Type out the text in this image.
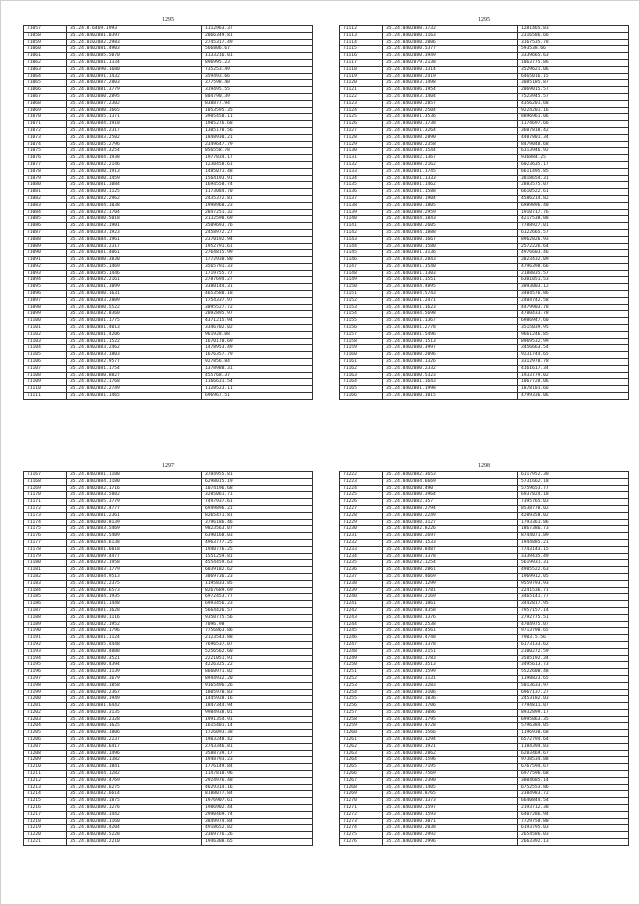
1295
71057	35.24.8.6469.1993	1112963.37
71058	35.24.0402081.0397	2066349.81
71059	35.24.0102082.2983	2745317.49
71060	35.24.0402081.4903	566806.67
71061	35.24.0402085.5070	1133216.01
71062	35.24.0402081.1334	896995.23
71063	35.24.0402090.1680	735253.49
71064	35.24.0402091.1432	359493.66
71065	35.24.0402087.2803	377598.48
71066	35.24.0402081.3779	319495.55
71067	35.24.0402080.2895	804790.39
71068	35.24.0402087.2302	838877.94
71069	35.24.0402080.1665	1053595.35
71070	35.24.0402085.1371	3905450.11
71071	35.24.0402084.1918	1905276.68
71072	35.24.0402084.2317	1305170.56
71073	35.24.0402083.2502	1848930.21
71074	35.24.0402085.2796	2349647.79
71075	35.24.0402084.3254	856558.78
71076	35.24.0402084.1938	1977834.17
71077	35.24.0402082.2146	1230458.61
71078	35.24.0402080.1913	1485071.48
71079	35.24.0402080.1459	1564193.91
71080	35.24.0402081.1084	1694558.74
71081	35.24.0402080.1125	1173084.70
71082	35.24.0402082.2962	2435372.81
71083	35.24.0402084.1038	1998968.23
71084	35.24.0402082.1704	2847251.32
71085	35.24.0402080.5018	2132590.69
71086	35.24.0402082.1901	3509693.76
71087	35.24.0402083.1923	2458972.27
71088	35.24.0402084.1961	2370192.94
71089	35.24.0402083.2317	1952791.61
71090	35.24.0402081.4061	2764815.99
71091	35.24.0402080.3830	1772930.80
71092	35.24.0402085.1469	3565791.33
71093	35.24.0402085.1446	1719755.77
71094	35.24.0402082.2161	2787694.27
71095	35.24.0402081.1099	3380144.31
71096	35.24.0402080.1631	4653580.18
71097	35.24.0402083.2809	1754337.97
71098	35.24.0402080.5522	3095527.72
71099	35.24.0402082.8360	2892895.97
71100	35.24.0402081.1775	4371215.94
71101	35.24.0402081.4013	3346702.02
71102	35.24.0402081.4206	961928.08
71103	35.24.0402081.1522	1670170.69
71104	35.24.0402083.2462	1478953.49
71105	35.24.0402083.1803	1676357.79
71106	35.24.0402082.9577	927856.84
71107	35.24.0402081.1754	1378988.31
71108	35.24.0402080.8827	455768.37
71109	35.24.0402082.1768	1166631.54
71110	35.24.0402082.2749	1128523.11
71111	35.24.0402081.1465	696967.51
1295
71112	35.24.0402080.1732	1281465.83
71113	35.24.0402080.1163	2316586.66
71114	35.24.0402080.2006	3167535.78
71115	35.24.0402080.5377	593538.66
71116	35.24.0402080.3949	3339665.63
71117	35.24.0402079.2138	1063775.86
71118	35.24.0402080.1314	3529621.06
71119	35.24.0402080.2419	6465016.15
71120	35.24.0402083.1498	3085185.87
71121	35.24.0402086.1954	2069015.57
71122	35.24.0402083.1404	7523945.57
71123	35.24.0402080.2857	4356201.68
71124	35.24.0402080.2504	9224201.16
71125	35.24.0402081.3536	8896961.06
71126	35.24.0402080.1738	1174697.66
71127	35.24.0402081.3264	3607818.42
71128	35.24.0402080.2890	4407801.34
71129	35.24.0402080.2358	8479048.68
71130	35.24.0402084.1544	6313946.92
71131	35.24.0402082.1367	936884.25
71132	35.24.0402080.2162	6023635.17
71133	35.24.0402081.1745	6611495.85
71134	35.24.0402081.1333	3818654.31
71135	35.24.0402081.1462	2883575.07
71136	35.24.0402081.1588	6610522.61
71137	35.24.0402080.1904	4586214.82
71138	35.24.0402080.1805	6989896.40
71139	35.24.0402080.2959	1910717.76
71140	35.24.0402084.1843	4217538.88
71141	35.24.0402080.2605	7788927.01
71142	35.24.0402084.1888	6122665.57
71143	35.24.0402080.1667	8962826.93
71144	35.24.0402080.1580	2572226.64
71145	35.24.0402081.3136	4976603.46
71146	35.24.0402083.2843	3023432.09
71147	35.24.0402081.1540	4796398.66
71148	35.24.0402081.1303	2188835.57
71149	35.24.0402081.1551	6301051.53
71150	35.24.0402084.4895	3093003.12
71151	35.24.0402084.5743	3404576.86
71152	35.24.0402081.2471	2404742.58
71153	35.24.0402081.1623	4479903.78
71154	35.24.0402084.5698	4780433.78
71155	35.24.0402081.1367	6986947.60
71156	35.24.0402081.2778	3515039.95
71157	35.24.0402081.5496	9661246.85
71158	35.24.0402080.1513	8969532.99
71159	35.24.0402080.3997	3456663.54
71160	35.24.0402080.2096	9231744.65
71161	35.24.0402080.1326	3312978.78
71162	35.24.0402080.2332	4161617.34
71163	35.24.0402080.5323	1933779.02
71164	35.24.0402081.1643	1067728.06
71165	35.24.0402081.1998	1878101.66
71166	35.24.0402080.1015	4799336.06
1297
71167	35.24.0402081.1180	3784955.81
71168	35.24.0402084.1180	6298015.19
71169	35.24.0402082.1716	1074196.68
71170	35.24.0402083.5882	3285061.71
71171	35.24.0402085.3779	7497937.61
71172	35.24.0402082.4777	6949896.21
71173	35.24.0402081.2361	8265471.81
71174	35.24.0402080.8139	3796186.46
71175	35.24.0402083.5469	9823563.07
71176	35.24.0402082.5409	6390168.03
71177	35.24.0402084.6138	4963777.25
71178	35.24.0402081.6018	1940776.25
71179	35.24.0402089.4477	1551259.81
71180	35.24.0402082.1958	4554459.63
71181	35.24.0402083.1779	6039182.62
71182	35.24.0402084.9513	3069736.23
71183	35.24.0402082.2375	1195833.85
71184	35.24.0402080.6573	8267689.69
71185	35.24.0402084.1935	6972453.77
71186	35.24.0402081.1448	6993456.23
71187	35.24.0402081.1628	5664426.57
71188	35.24.0402080.1116	9350775.56
71189	35.24.0402082.1952	7096.98
71190	35.24.0402080.1796	7756863.86
71191	35.24.0402081.1124	2123543.88
71192	35.24.0402085.4448	7696537.07
71193	35.24.0402080.4888	5256562.60
71194	35.24.0402080.3521	2221051.91
71195	35.24.0402080.4394	4226325.22
71196	35.24.0402080.1139	8660971.02
71197	35.24.0402080.1679	8944932.20
71198	35.24.0402080.1858	9165496.26
71199	35.24.0402080.2367	1805970.83
71200	35.24.0402080.1949	1445928.16
71201	35.24.0402081.6442	1847344.94
71202	35.24.0402080.3135	9984938.01
71203	35.24.0402080.2328	1991354.91
71204	35.24.0402080.1625	1615401.14
71205	35.24.0402080.1806	1726093.38
71206	35.24.0402080.2237	1903248.42
71207	35.24.0402080.6417	2743346.81
71208	35.24.0402080.1496	3588739.17
71209	35.24.0402080.1382	1948793.23
71210	35.24.0402080.1841	1776149.84
71211	35.24.0402084.1282	1147810.96
71212	35.24.0402080.4769	2924976.48
71213	35.24.0402080.6275	4629314.16
71214	35.24.0402082.6614	8188077.84
71215	35.24.0402080.1875	1976907.61
71216	35.24.0402080.1276	1986902.44
71217	35.24.0402080.1442	2990469.74
71218	35.24.0402080.1160	3849974.84
71219	35.24.0402080.4204	4918652.82
71220	35.24.0402080.5228	2369776.26
71221	35.24.0402080.2210	1946308.65
1298
71222	35.24.0402082.3653	6117952.30
71223	35.24.0402084.6669	5731662.18
71224	35.24.0402080.490	5759653.77
71225	35.24.0402080.3964	6937824.18
71226	35.24.0402082.357	7395765.03
71227	35.24.0402080.2794	8538778.02
71228	35.24.0402080.2249	4209358.02
71229	35.24.0402080.3127	1793361.86
71230	35.24.0402082.8226	1867386.73
71231	35.24.0402080.2697	8744071.89
71232	35.24.0402080.1533	1944885.21
71233	35.24.0402080.8487	7743143.15
71234	35.24.0402080.1378	3339435.49
71235	35.24.0402082.1254	5619931.31
71236	35.24.0402080.2861	4985522.63
71237	35.24.0402080.4669	1969912.05
71238	35.24.0402080.1299	9559793.93
71239	35.24.0402080.1781	2241536.71
71240	35.24.0402080.2169	3465141.77
71241	35.24.0402080.1861	3442817.95
71242	35.24.0402080.4358	7957157.14
71243	35.24.0402080.1376	2792775.51
71244	35.24.0402080.2538	4704975.07
71245	35.24.0402080.4561	9713790.65
71246	35.24.0402080.4748	7903.5.56
71247	35.24.0402080.1378	6173133.62
71248	35.24.0402080.2151	2100272.59
71249	35.24.0402080.1783	3585192.34
71250	35.24.0402080.3513	3495613.73
71251	35.24.0402080.1599	5522600.48
71252	35.24.0402080.1131	1198823.65
71253	35.24.0402080.3283	5013633.97
71254	35.24.0402080.3106	6967137.27
71255	35.24.0402080.1036	2453182.03
71256	35.24.0402080.1706	7794811.07
71257	35.24.0402080.3086	8932899.17
71258	35.24.0402080.1795	6995863.35
71259	35.24.0402080.4728	5796384.05
71260	35.24.0402080.1566	1196930.68
71261	35.24.0402080.1294	6572794.64
71262	35.24.0402080.1921	1184394.83
71263	35.24.0402080.2862	6203469.67
71264	35.24.0402080.1596	9738534.88
71265	35.24.0402080.7195	6767594.67
71266	35.24.0402080.7569	6977596.68
71267	35.24.0402080.2390	3804685.14
71268	35.24.0402080.1405	6752553.86
71269	35.24.0402080.8765	2384983.72
71270	35.24.0402080.1373	6640844.54
71271	35.24.0402080.1597	2193712.38
71272	35.24.0402080.1593	6407286.94
71273	35.24.0402080.3071	7729750.80
71274	35.24.0402080.2038	6193795.03
71275	35.24.0402080.2992	2654586.03
71276	35.24.0402080.2996	2663392.13
